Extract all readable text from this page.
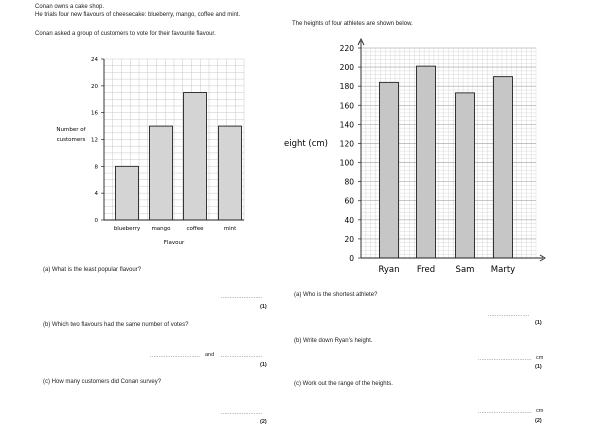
Conan owns a cake shop.
He trials four new flavours of cheesecake: blueberry, mango, coffee and mint.
Conan asked a group of customers to vote for their favourite flavour.
0
4
8
12
16
20
24
blueberry mango	coffee	mint
Flavour
Number of
customers
(a) What is the least popular flavour?
........................
(1)
(b) Which two flavours had the same number of votes?
............................. and ........................
(1)
(c) How many customers did Conan survey?
........................
(2)
The heights of four athletes are shown below.
0
20
40
60
80
100
120
140
160
180
200
220
Ryan Fred Sam Marty
eight (cm)
(a) Who is the shortest athlete?
........................
(1)
(b) Write down Ryan’s height.
............................... cm
(1)
(c) Work out the range of the heights.
............................... cm
(2)
